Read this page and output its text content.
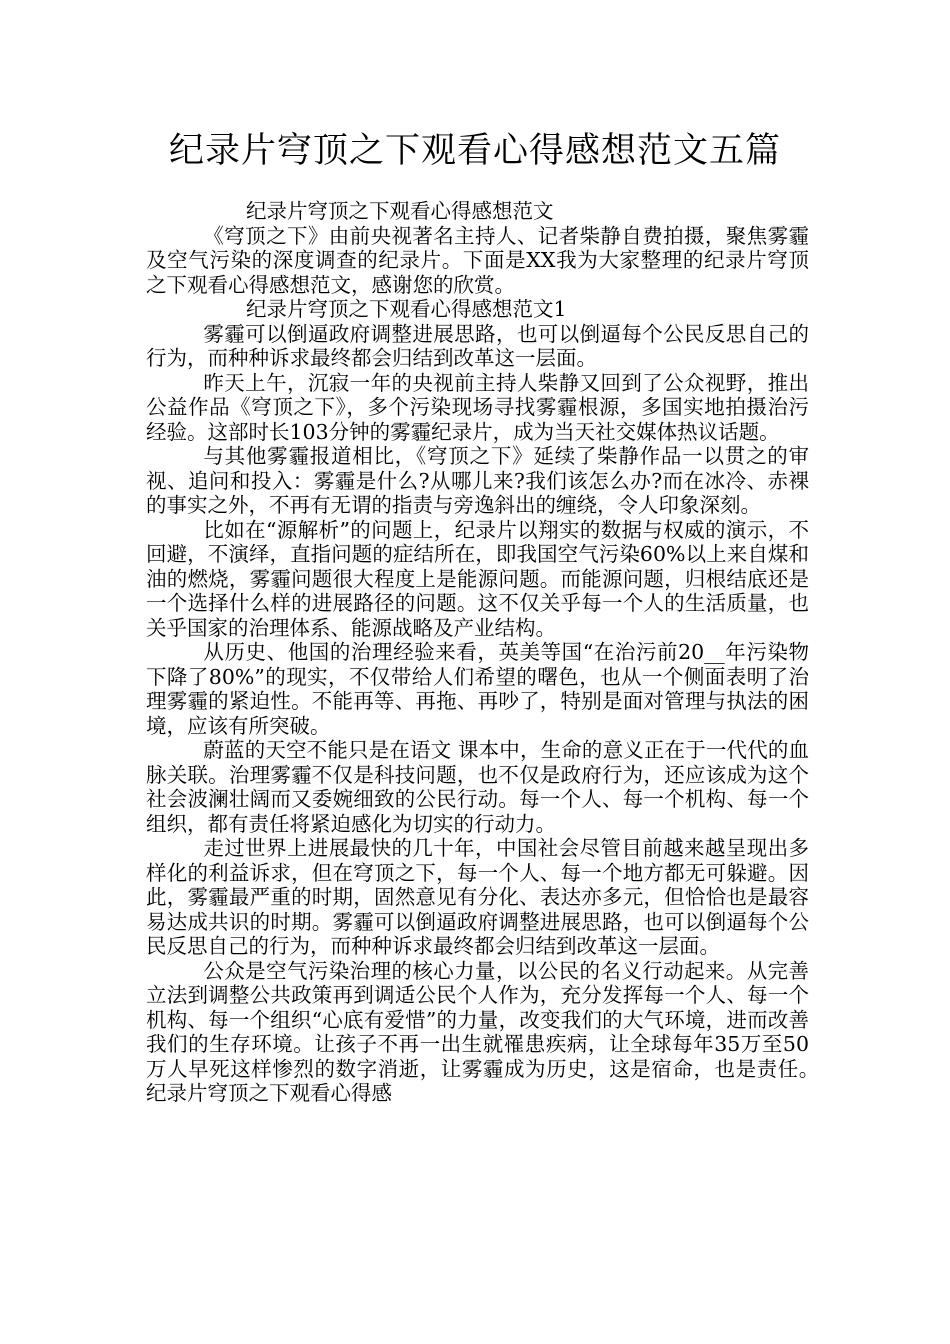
纪录片穹顶之下观看心得感想范文五篇

纪录片穹顶之下观看心得感想范文

《穹顶之下》由前央视著名主持人、记者柴静自费拍摄，聚焦雾霾及空气污染的深度调查的纪录片。下面是XX我为大家整理的纪录片穹顶之下观看心得感想范文，感谢您的欣赏。

纪录片穹顶之下观看心得感想范文1

雾霾可以倒逼政府调整进展思路，也可以倒逼每个公民反思自己的行为，而种种诉求最终都会归结到改革这一层面。

昨天上午，沉寂一年的央视前主持人柴静又回到了公众视野，推出公益作品《穹顶之下》，多个污染现场寻找雾霾根源，多国实地拍摄治污经验。这部时长103分钟的雾霾纪录片，成为当天社交媒体热议话题。

与其他雾霾报道相比，《穹顶之下》延续了柴静作品一以贯之的审视、追问和投入：雾霾是什么?从哪儿来?我们该怎么办?而在冰冷、赤裸的事实之外，不再有无谓的指责与旁逸斜出的缠绕，令人印象深刻。

比如在“源解析”的问题上，纪录片以翔实的数据与权威的演示，不回避，不演绎，直指问题的症结所在，即我国空气污染60%以上来自煤和油的燃烧，雾霾问题很大程度上是能源问题。而能源问题，归根结底还是一个选择什么样的进展路径的问题。这不仅关乎每一个人的生活质量，也关乎国家的治理体系、能源战略及产业结构。

从历史、他国的治理经验来看，英美等国“在治污前20__年污染物下降了80%”的现实，不仅带给人们希望的曙色，也从一个侧面表明了治理雾霾的紧迫性。不能再等、再拖、再吵了，特别是面对管理与执法的困境，应该有所突破。

蔚蓝的天空不能只是在语文 课本中，生命的意义正在于一代代的血脉关联。治理雾霾不仅是科技问题，也不仅是政府行为，还应该成为这个社会波澜壮阔而又委婉细致的公民行动。每一个人、每一个机构、每一个组织，都有责任将紧迫感化为切实的行动力。

走过世界上进展最快的几十年，中国社会尽管目前越来越呈现出多样化的利益诉求，但在穹顶之下，每一个人、每一个地方都无可躲避。因此，雾霾最严重的时期，固然意见有分化、表达亦多元，但恰恰也是最容易达成共识的时期。雾霾可以倒逼政府调整进展思路，也可以倒逼每个公民反思自己的行为，而种种诉求最终都会归结到改革这一层面。

公众是空气污染治理的核心力量，以公民的名义行动起来。从完善立法到调整公共政策再到调适公民个人作为，充分发挥每一个人、每一个机构、每一个组织“心底有爱惜”的力量，改变我们的大气环境，进而改善我们的生存环境。让孩子不再一出生就罹患疾病，让全球每年35万至50万人早死这样惨烈的数字消逝，让雾霾成为历史，这是宿命，也是责任。　　纪录片穹顶之下观看心得感
